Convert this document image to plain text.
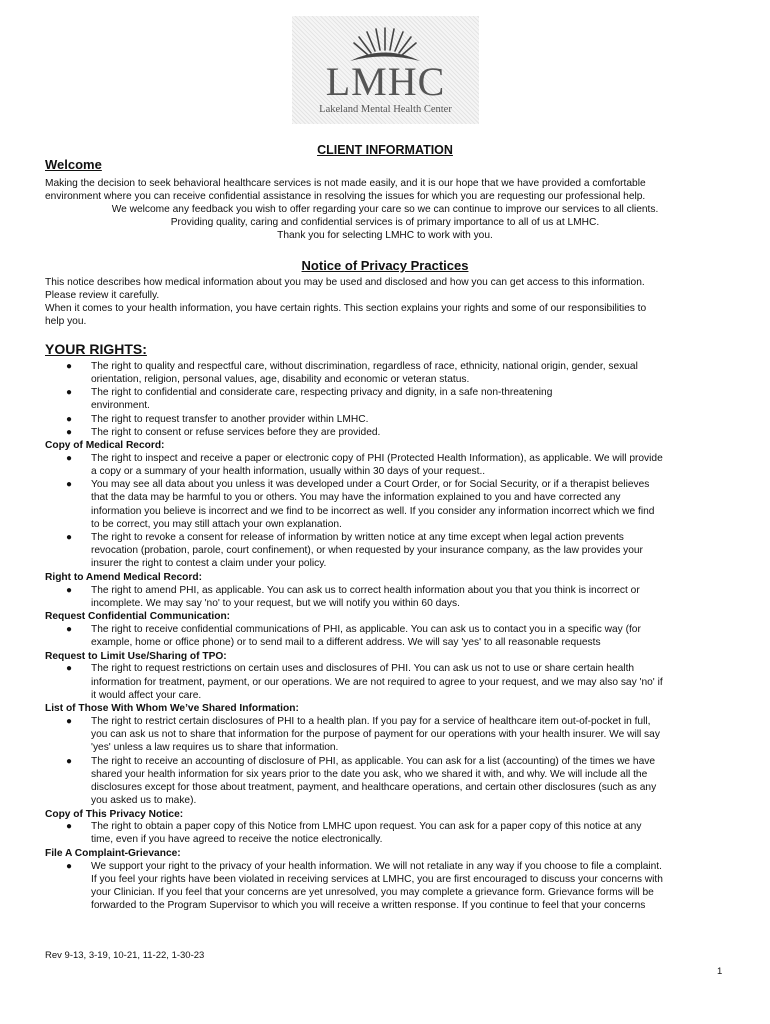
LMHC
Lakeland Mental Health Center

CLIENT INFORMATION

Welcome

Making the decision to seek behavioral healthcare services is not made easily, and it is our hope that we have provided a comfortable

environment where you can receive confidential assistance in resolving the issues for which you are requesting our professional help.

We welcome any feedback you wish to offer regarding your care so we can continue to improve our services to all clients.

Providing quality, caring and confidential services is of primary importance to all of us at LMHC.

Thank you for selecting LMHC to work with you.

Notice of Privacy Practices

This notice describes how medical information about you may be used and disclosed and how you can get access to this information.

Please review it carefully.

When it comes to your health information, you have certain rights. This section explains your rights and some of our responsibilities to

help you.

YOUR RIGHTS:

● The right to quality and respectful care, without discrimination, regardless of race, ethnicity, national origin, gender, sexual
orientation, religion, personal values, age, disability and economic or veteran status.
● The right to confidential and considerate care, respecting privacy and dignity, in a safe non-threatening
environment.
● The right to request transfer to another provider within LMHC.
● The right to consent or refuse services before they are provided.

Copy of Medical Record:

● The right to inspect and receive a paper or electronic copy of PHI (Protected Health Information), as applicable. We will provide
a copy or a summary of your health information, usually within 30 days of your request..
● You may see all data about you unless it was developed under a Court Order, or for Social Security, or if a therapist believes
that the data may be harmful to you or others. You may have the information explained to you and have corrected any
information you believe is incorrect and we find to be incorrect as well. If you consider any information incorrect which we find
to be correct, you may still attach your own explanation.
● The right to revoke a consent for release of information by written notice at any time except when legal action prevents
revocation (probation, parole, court confinement), or when requested by your insurance company, as the law provides your
insurer the right to contest a claim under your policy.

Right to Amend Medical Record:

● The right to amend PHI, as applicable. You can ask us to correct health information about you that you think is incorrect or
incomplete. We may say 'no' to your request, but we will notify you within 60 days.

Request Confidential Communication:

● The right to receive confidential communications of PHI, as applicable. You can ask us to contact you in a specific way (for
example, home or office phone) or to send mail to a different address. We will say 'yes' to all reasonable requests

Request to Limit Use/Sharing of TPO:

● The right to request restrictions on certain uses and disclosures of PHI. You can ask us not to use or share certain health
information for treatment, payment, or our operations. We are not required to agree to your request, and we may also say 'no' if
it would affect your care.

List of Those With Whom We’ve Shared Information:

● The right to restrict certain disclosures of PHI to a health plan. If you pay for a service of healthcare item out-of-pocket in full,
you can ask us not to share that information for the purpose of payment for our operations with your health insurer. We will say
'yes' unless a law requires us to share that information.
● The right to receive an accounting of disclosure of PHI, as applicable. You can ask for a list (accounting) of the times we have
shared your health information for six years prior to the date you ask, who we shared it with, and why. We will include all the
disclosures except for those about treatment, payment, and healthcare operations, and certain other disclosures (such as any
you asked us to make).

Copy of This Privacy Notice:

● The right to obtain a paper copy of this Notice from LMHC upon request. You can ask for a paper copy of this notice at any
time, even if you have agreed to receive the notice electronically.

File A Complaint-Grievance:

● We support your right to the privacy of your health information. We will not retaliate in any way if you choose to file a complaint.
If you feel your rights have been violated in receiving services at LMHC, you are first encouraged to discuss your concerns with
your Clinician. If you feel that your concerns are yet unresolved, you may complete a grievance form. Grievance forms will be
forwarded to the Program Supervisor to which you will receive a written response. If you continue to feel that your concerns

Rev 9-13, 3-19, 10-21, 11-22, 1-30-23

1
